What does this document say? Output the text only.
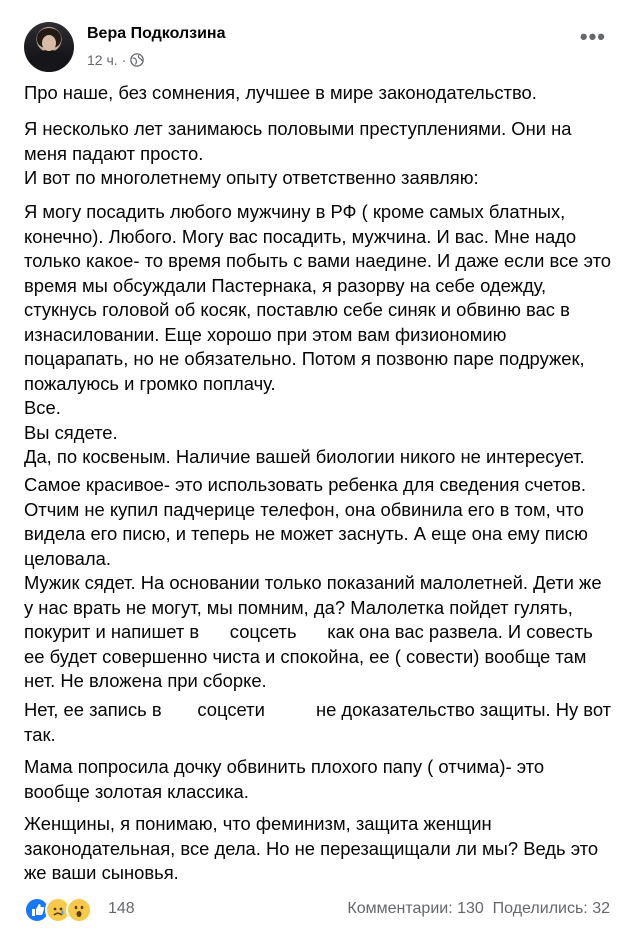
Вера Подколзина
12 ч. ·
•••

Про наше, без сомнения, лучшее в мире законодательство.

Я несколько лет занимаюсь половыми преступлениями. Они на меня падают просто.
И вот по многолетнему опыту ответственно заявляю:

Я могу посадить любого мужчину в РФ ( кроме самых блатных, конечно). Любого. Могу вас посадить, мужчина. И вас. Мне надо только какое- то время побыть с вами наедине. И даже если все это время мы обсуждали Пастернака, я разорву на себе одежду, стукнусь головой об косяк, поставлю себе синяк и обвиню вас в изнасиловании. Еще хорошо при этом вам физиономию поцарапать, но не обязательно. Потом я позвоню паре подружек, пожалуюсь и громко поплачу.
Все.
Вы сядете.
Да, по косвеным. Наличие вашей биологии никого не интересует.

Самое красивое- это использовать ребенка для сведения счетов. Отчим не купил падчерице телефон, она обвинила его в том, что видела его писю, и теперь не может заснуть. А еще она ему писю целовала.
Мужик сядет. На основании только показаний малолетней. Дети же у нас врать не могут, мы помним, да? Малолетка пойдет гулять, покурит и напишет в      соцсеть      как она вас развела. И совесть ее будет совершенно чиста и спокойна, ее ( совести) вообще там нет. Не вложена при сборке.

Нет, ее запись в       соцсети          не доказательство защиты. Ну вот так.

Мама попросила дочку обвинить плохого папу ( отчима)- это вообще золотая классика.

Женщины, я понимаю, что феминизм, защита женщин законодательная, все дела. Но не перезащищали ли мы? Ведь это же ваши сыновья.

148	Комментарии: 130 Поделились: 32
